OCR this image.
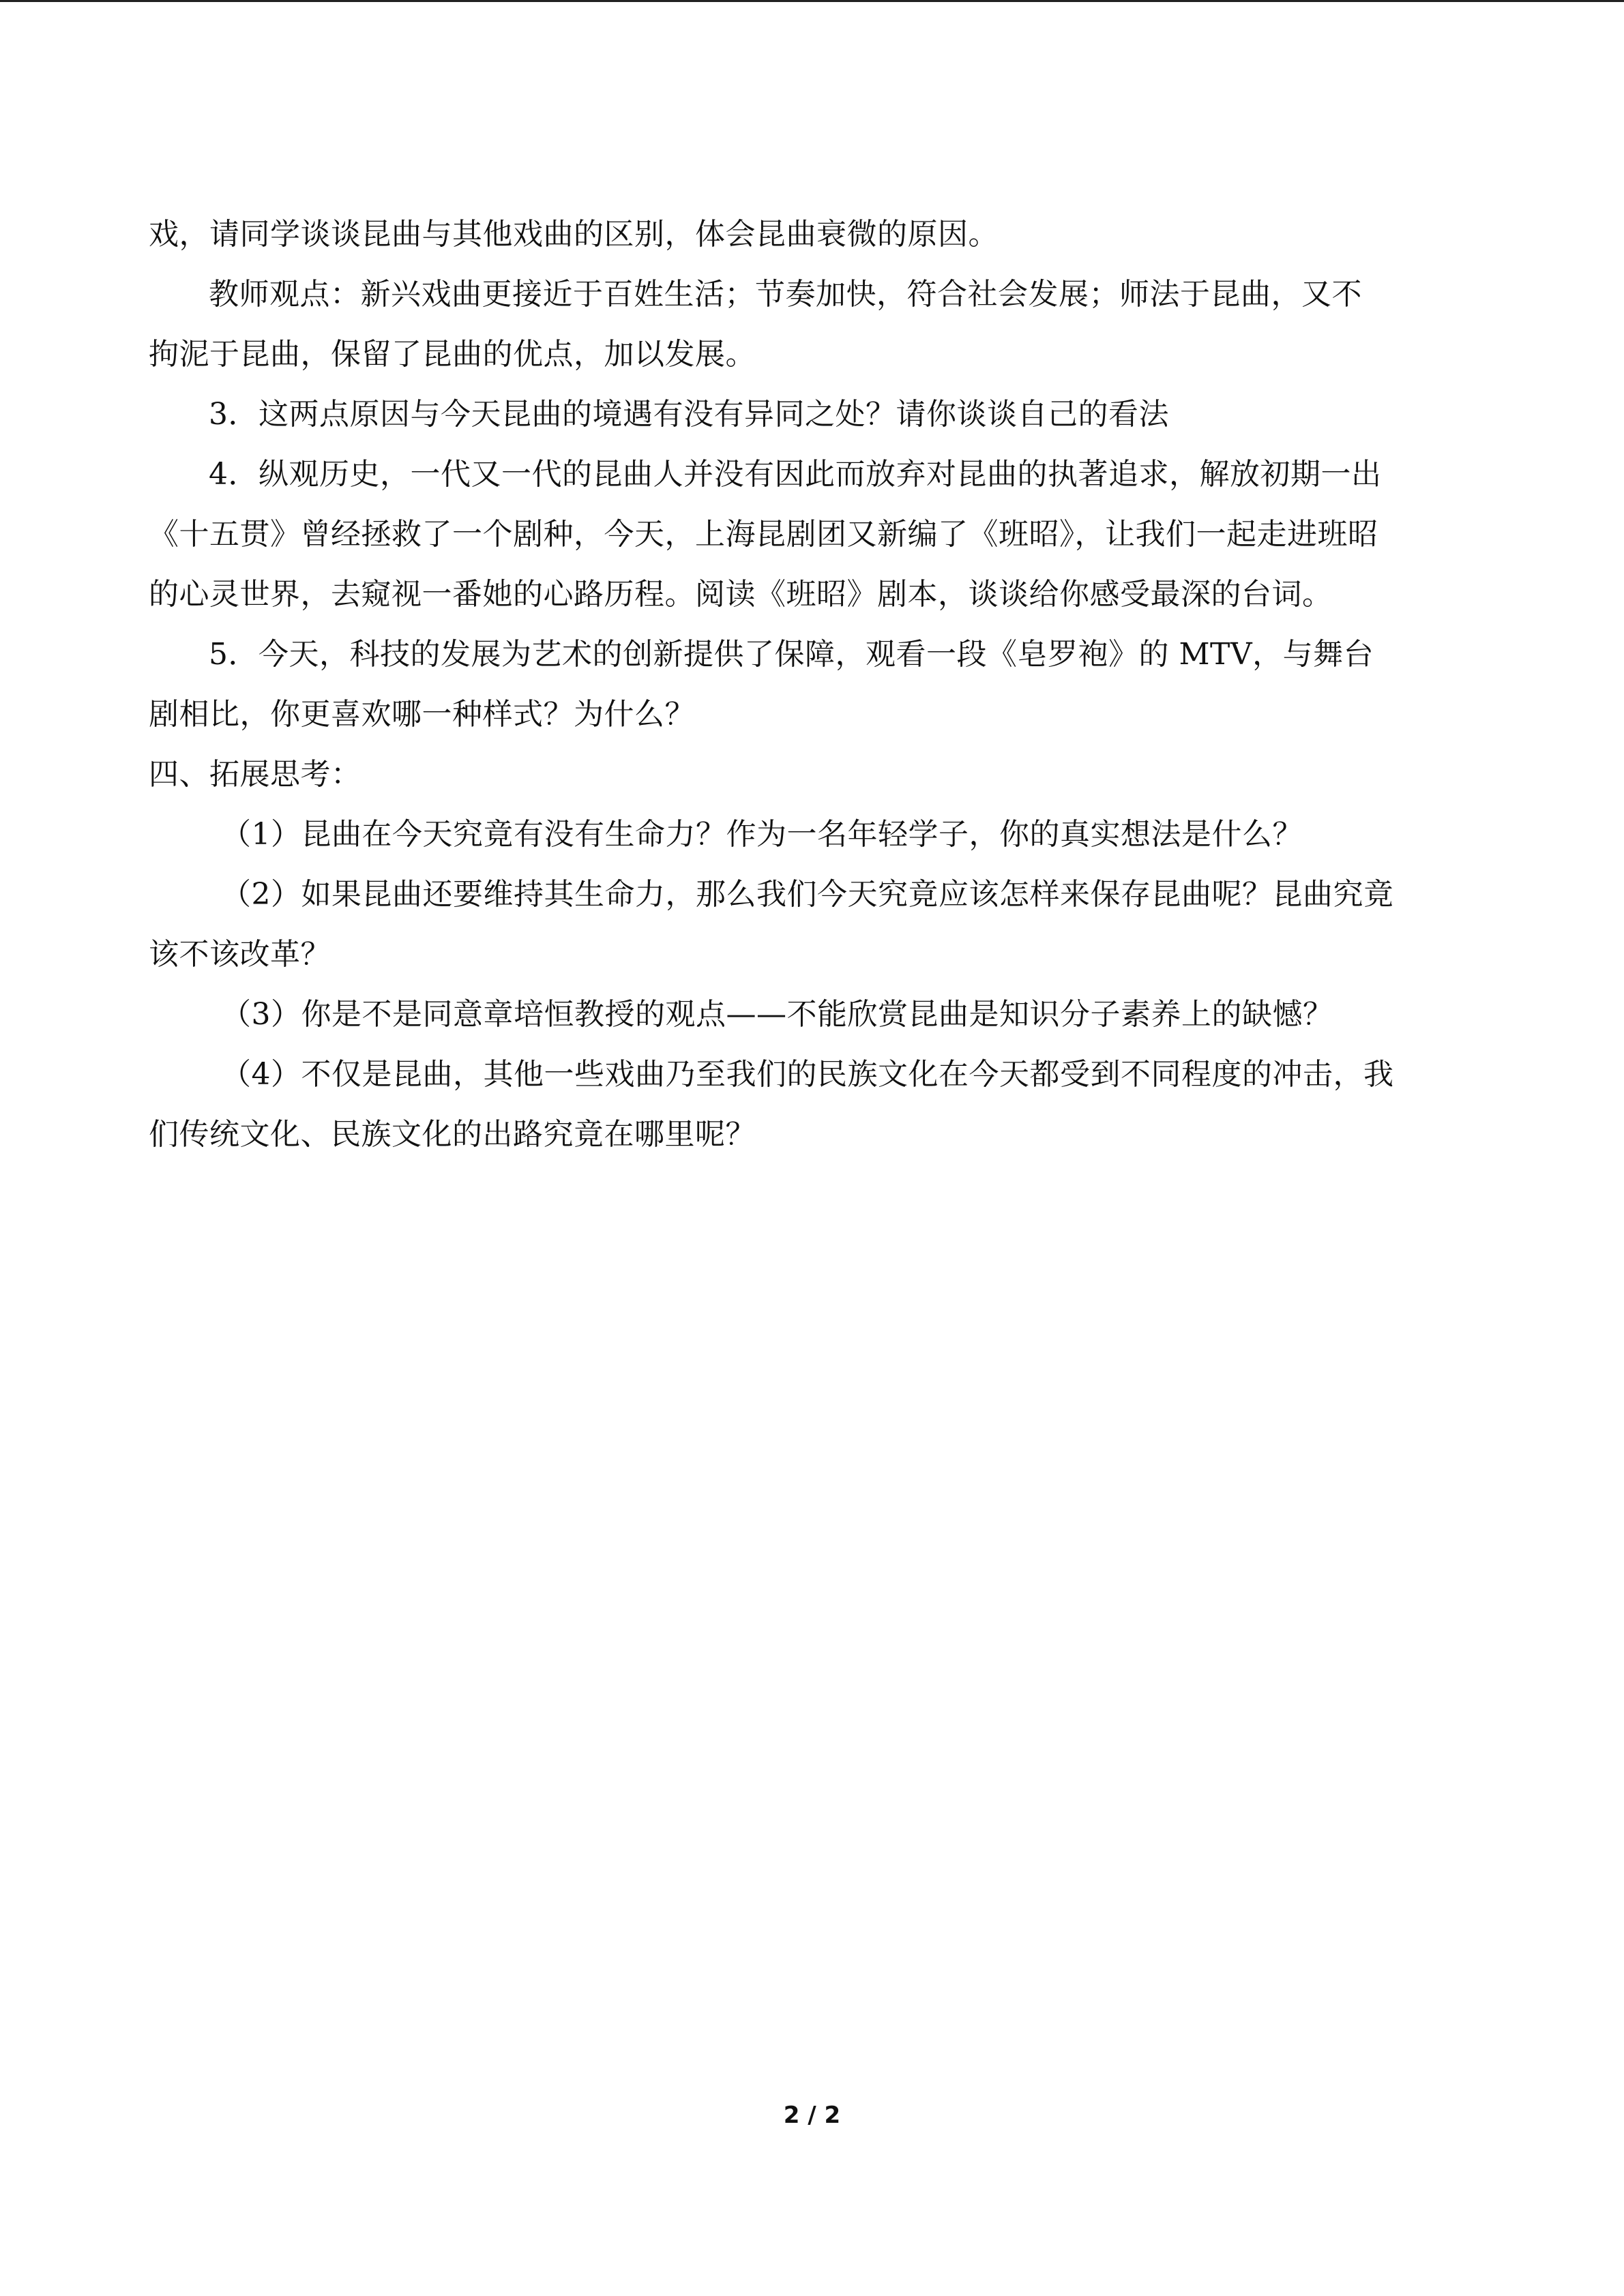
戏，请同学谈谈昆曲与其他戏曲的区别，体会昆曲衰微的原因。
教师观点：新兴戏曲更接近于百姓生活；节奏加快，符合社会发展；师法于昆曲，又不
拘泥于昆曲，保留了昆曲的优点，加以发展。
3．这两点原因与今天昆曲的境遇有没有异同之处？请你谈谈自己的看法
4．纵观历史，一代又一代的昆曲人并没有因此而放弃对昆曲的执著追求，解放初期一出
《十五贯》曾经拯救了一个剧种，今天，上海昆剧团又新编了《班昭》，让我们一起走进班昭
的心灵世界，去窥视一番她的心路历程。阅读《班昭》剧本，谈谈给你感受最深的台词。
5．今天，科技的发展为艺术的创新提供了保障，观看一段《皂罗袍》的 MTV，与舞台
剧相比，你更喜欢哪一种样式？为什么？
四、拓展思考：
（1）昆曲在今天究竟有没有生命力？作为一名年轻学子，你的真实想法是什么？
（2）如果昆曲还要维持其生命力，那么我们今天究竟应该怎样来保存昆曲呢？昆曲究竟
该不该改革？
（3）你是不是同意章培恒教授的观点——不能欣赏昆曲是知识分子素养上的缺憾？
（4）不仅是昆曲，其他一些戏曲乃至我们的民族文化在今天都受到不同程度的冲击，我
们传统文化、民族文化的出路究竟在哪里呢？
2 / 2
